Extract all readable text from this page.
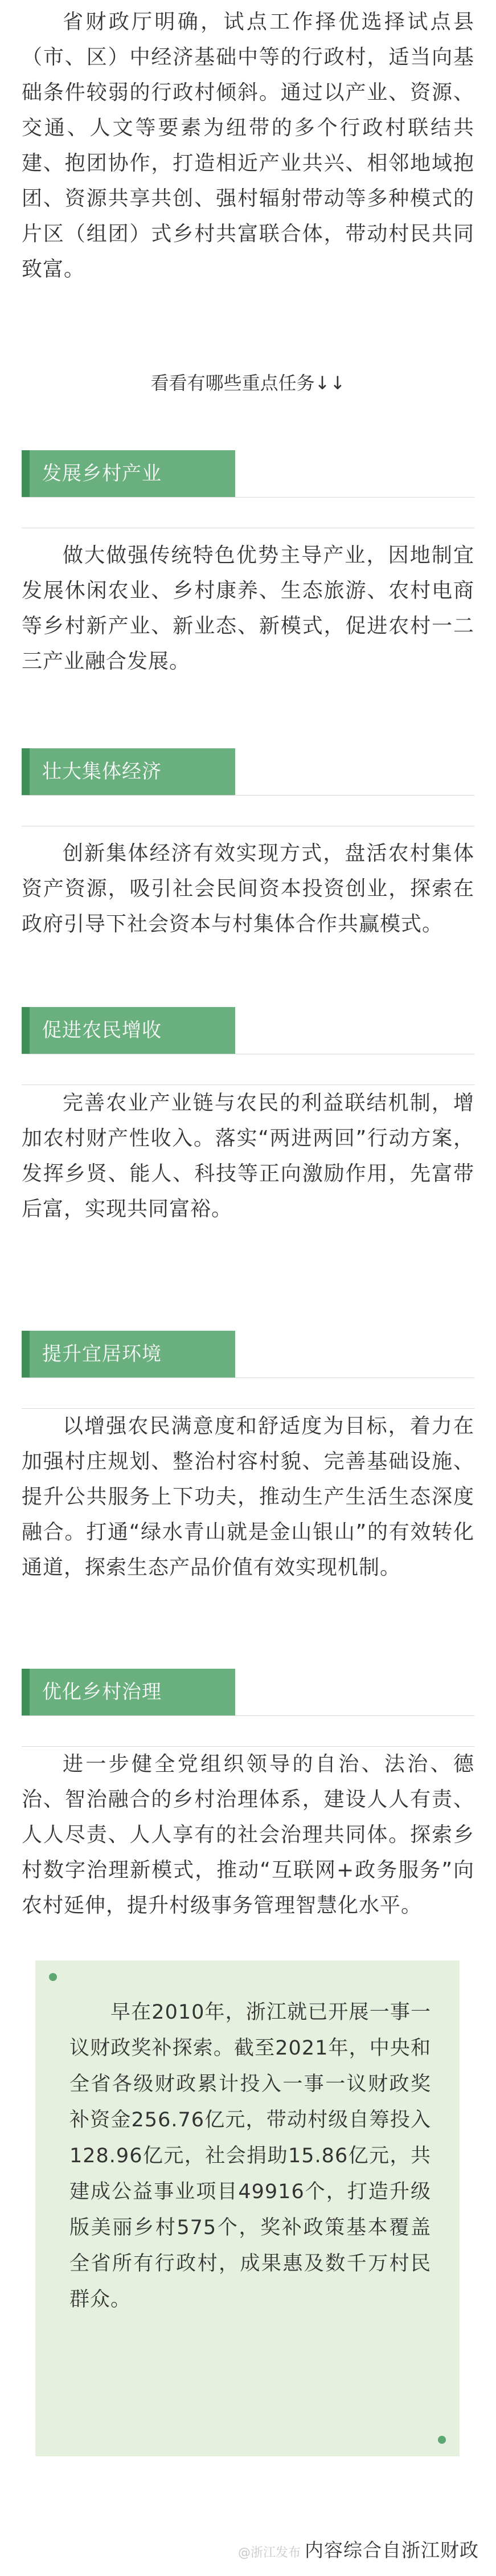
省财政厅明确，试点工作择优选择试点县（市、区）中经济基础中等的行政村，适当向基础条件较弱的行政村倾斜。通过以产业、资源、交通、人文等要素为纽带的多个行政村联结共建、抱团协作，打造相近产业共兴、相邻地域抱团、资源共享共创、强村辐射带动等多种模式的片区（组团）式乡村共富联合体，带动村民共同致富。

看看有哪些重点任务↓↓
发展乡村产业

做大做强传统特色优势主导产业，因地制宜发展休闲农业、乡村康养、生态旅游、农村电商等乡村新产业、新业态、新模式，促进农村一二三产业融合发展。

壮大集体经济

创新集体经济有效实现方式，盘活农村集体资产资源，吸引社会民间资本投资创业，探索在政府引导下社会资本与村集体合作共赢模式。

促进农民增收

完善农业产业链与农民的利益联结机制，增加农村财产性收入。落实“两进两回”行动方案，发挥乡贤、能人、科技等正向激励作用，先富带后富，实现共同富裕。

提升宜居环境

以增强农民满意度和舒适度为目标，着力在加强村庄规划、整治村容村貌、完善基础设施、提升公共服务上下功夫，推动生产生活生态深度融合。打通“绿水青山就是金山银山”的有效转化通道，探索生态产品价值有效实现机制。

优化乡村治理

进一步健全党组织领导的自治、法治、德治、智治融合的乡村治理体系，建设人人有责、人人尽责、人人享有的社会治理共同体。探索乡村数字治理新模式，推动“互联网+政务服务”向农村延伸，提升村级事务管理智慧化水平。

早在2010年，浙江就已开展一事一议财政奖补探索。截至2021年，中央和全省各级财政累计投入一事一议财政奖补资金256.76亿元，带动村级自筹投入128.96亿元，社会捐助15.86亿元，共建成公益事业项目49916个，打造升级版美丽乡村575个，奖补政策基本覆盖全省所有行政村，成果惠及数千万村民群众。

@浙江发布 内容综合自浙江财政
